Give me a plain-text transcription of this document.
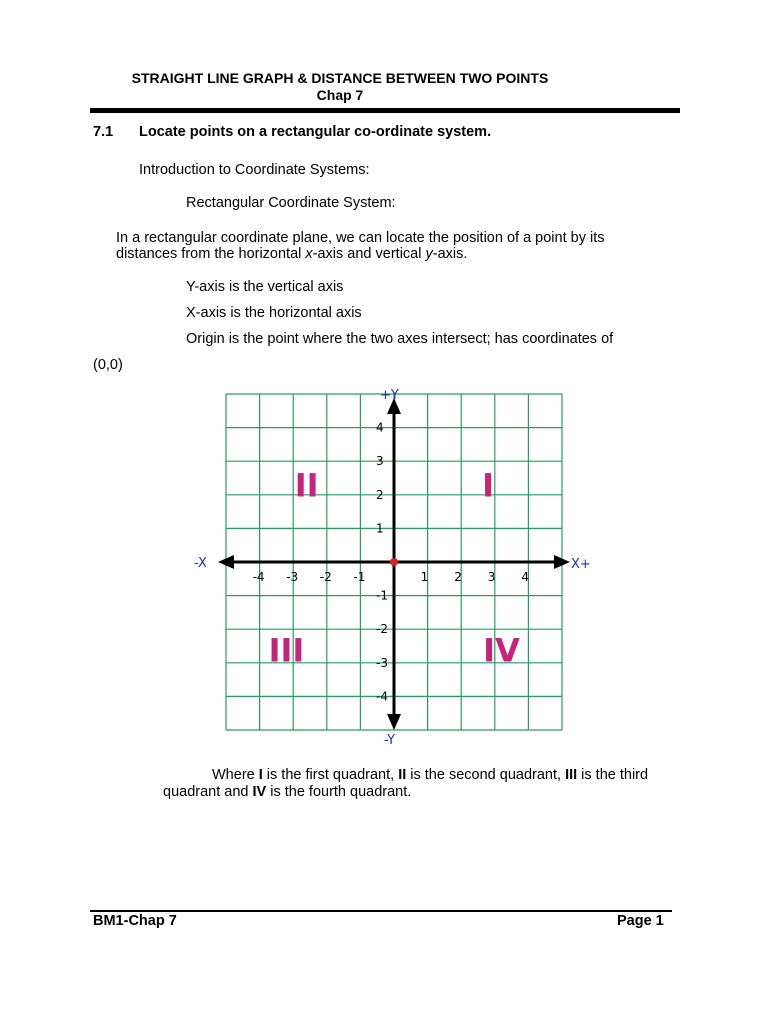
STRAIGHT LINE GRAPH & DISTANCE BETWEEN TWO POINTS
Chap 7
7.1 Locate points on a rectangular co-ordinate system.
Introduction to Coordinate Systems:
Rectangular Coordinate System:
In a rectangular coordinate plane, we can locate the position of a point by its
distances from the horizontal x-axis and vertical y-axis.
Y-axis is the vertical axis
X-axis is the horizontal axis
Origin is the point where the two axes intersect; has coordinates of
(0,0)
+Y
-Y
-X	X+
-4 -3 -2 -1	1 2 3 4
4
3
2
1
-1
-2
-3
-4
I
II
III	IV
Where I is the first quadrant, II is the second quadrant, III is the third
quadrant and IV is the fourth quadrant.
BM1-Chap 7	Page 1
